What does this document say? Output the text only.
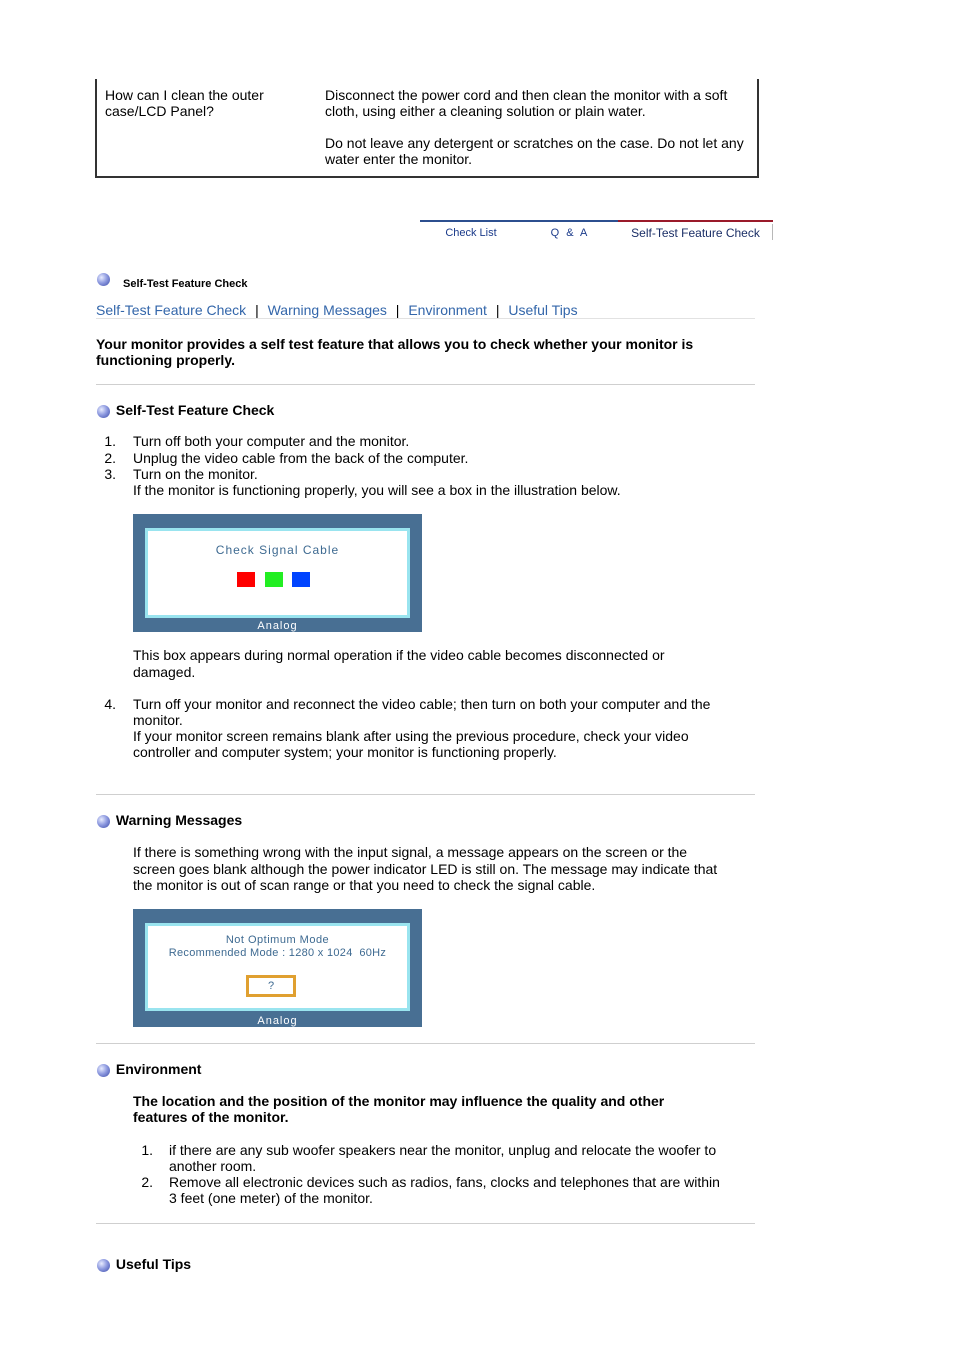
How can I clean the outer case/LCD Panel?

Disconnect the power cord and then clean the monitor with a soft cloth, using either a cleaning solution or plain water.

Do not leave any detergent or scratches on the case. Do not let any water enter the monitor.

Check List	Q & A	Self-Test Feature Check
Self-Test Feature Check
Self-Test Feature Check | Warning Messages | Environment | Useful Tips
Your monitor provides a self test feature that allows you to check whether your monitor is functioning properly.
Self-Test Feature Check
1. Turn off both your computer and the monitor.
2. Unplug the video cable from the back of the computer.
3. Turn on the monitor.
If the monitor is functioning properly, you will see a box in the illustration below.
Check Signal Cable
Analog
This box appears during normal operation if the video cable becomes disconnected or damaged.
4. Turn off your monitor and reconnect the video cable; then turn on both your computer and the monitor.
If your monitor screen remains blank after using the previous procedure, check your video controller and computer system; your monitor is functioning properly.
Warning Messages
If there is something wrong with the input signal, a message appears on the screen or the screen goes blank although the power indicator LED is still on. The message may indicate that the monitor is out of scan range or that you need to check the signal cable.
Not Optimum Mode
Recommended Mode : 1280 x 1024  60Hz
?
Analog
Environment
The location and the position of the monitor may influence the quality and other features of the monitor.
1. if there are any sub woofer speakers near the monitor, unplug and relocate the woofer to another room.
2. Remove all electronic devices such as radios, fans, clocks and telephones that are within 3 feet (one meter) of the monitor.
Useful Tips
